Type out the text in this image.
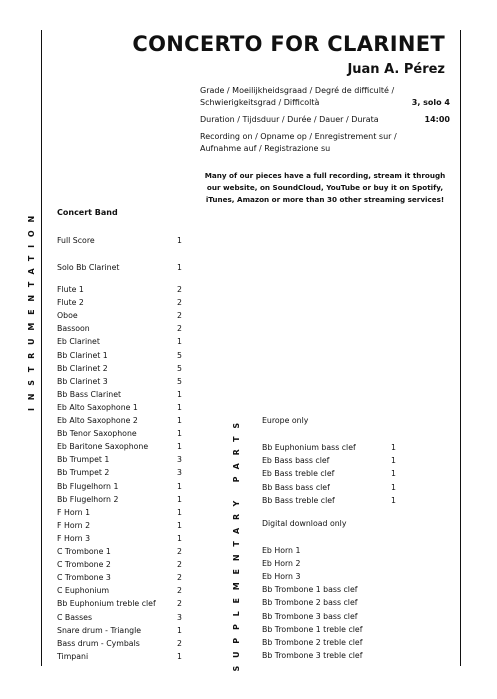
CONCERTO FOR CLARINET
Juan A. Pérez
Grade / Moeilijkheidsgraad / Degré de difficulté /
Schwierigkeitsgrad / Difficoltà	3, solo 4
Duration / Tijdsduur / Durée / Dauer / Durata	14:00
Recording on / Opname op / Enregistrement sur /
Aufnahme auf / Registrazione su
Many of our pieces have a full recording, stream it through
our website, on SoundCloud, YouTube or buy it on Spotify,
iTunes, Amazon or more than 30 other streaming services!
INSTRUMENTATION
SUPPLEMENTARY PARTS
Concert Band
Full Score	1
Solo Bb Clarinet	1
Flute 1	2
Flute 2	2
Oboe	2
Bassoon	2
Eb Clarinet	1
Bb Clarinet 1	5
Bb Clarinet 2	5
Bb Clarinet 3	5
Bb Bass Clarinet	1
Eb Alto Saxophone 1	1
Eb Alto Saxophone 2	1
Bb Tenor Saxophone	1
Eb Baritone Saxophone	1
Bb Trumpet 1	3
Bb Trumpet 2	3
Bb Flugelhorn 1	1
Bb Flugelhorn 2	1
F Horn 1	1
F Horn 2	1
F Horn 3	1
C Trombone 1	2
C Trombone 2	2
C Trombone 3	2
C Euphonium	2
Bb Euphonium treble clef	2
C Basses	3
Snare drum - Triangle	1
Bass drum - Cymbals	2
Timpani	1
Europe only
Bb Euphonium bass clef	1
Eb Bass bass clef	1
Eb Bass treble clef	1
Bb Bass bass clef	1
Bb Bass treble clef	1
Digital download only
Eb Horn 1
Eb Horn 2
Eb Horn 3
Bb Trombone 1 bass clef
Bb Trombone 2 bass clef
Bb Trombone 3 bass clef
Bb Trombone 1 treble clef
Bb Trombone 2 treble clef
Bb Trombone 3 treble clef
